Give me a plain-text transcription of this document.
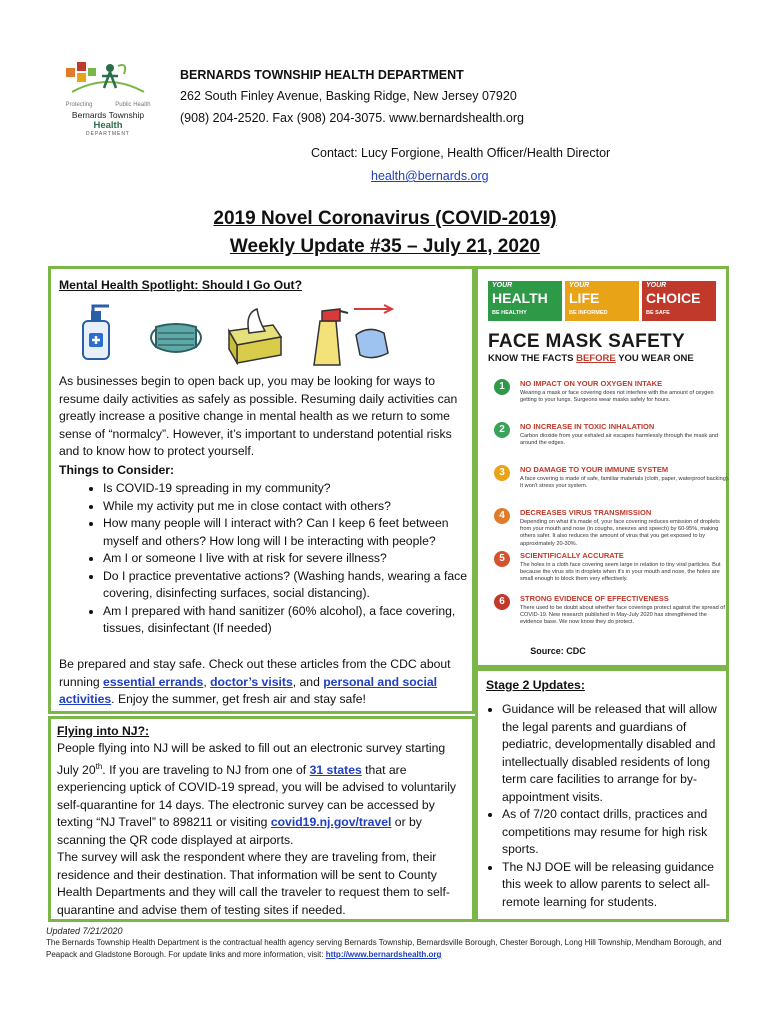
Protecting	Public Health
Bernards Township
Health
DEPARTMENT
BERNARDS TOWNSHIP HEALTH DEPARTMENT
262 South Finley Avenue, Basking Ridge, New Jersey 07920
(908) 204-2520. Fax (908) 204-3075. www.bernardshealth.org
Contact: Lucy Forgione, Health Officer/Health Director
health@bernards.org
2019 Novel Coronavirus (COVID-2019)
Weekly Update #35 – July 21, 2020
Mental Health Spotlight: Should I Go Out?
As businesses begin to open back up, you may be looking for ways to resume daily activities as safely as possible. Resuming daily activities can greatly increase a positive change in mental health as we return to some sense of “normalcy”. However, it’s important to understand potential risks and to know how to protect yourself.
Things to Consider:
• Is COVID-19 spreading in my community?
• While my activity put me in close contact with others?
• How many people will I interact with? Can I keep 6 feet between myself and others? How long will I be interacting with people?
• Am I or someone I live with at risk for severe illness?
• Do I practice preventative actions? (Washing hands, wearing a face covering, disinfecting surfaces, social distancing).
• Am I prepared with hand sanitizer (60% alcohol), a face covering, tissues, disinfectant (If needed)
Be prepared and stay safe. Check out these articles from the CDC about running essential errands, doctor’s visits, and personal and social activities. Enjoy the summer, get fresh air and stay safe!
Flying into NJ?:
People flying into NJ will be asked to fill out an electronic survey starting July 20th. If you are traveling to NJ from one of 31 states that are experiencing uptick of COVID-19 spread, you will be advised to voluntarily self-quarantine for 14 days. The electronic survey can be accessed by texting “NJ Travel” to 898211 or visiting covid19.nj.gov/travel or by scanning the QR code displayed at airports.
The survey will ask the respondent where they are traveling from, their residence and their destination. That information will be sent to County Health Departments and they will call the traveler to request them to self-quarantine and advise them of testing sites if needed.
YOUR
HEALTH
BE HEALTHY
YOUR
LIFE
BE INFORMED
YOUR
CHOICE
BE SAFE
FACE MASK SAFETY
KNOW THE FACTS BEFORE YOU WEAR ONE
1	NO IMPACT ON YOUR OXYGEN INTAKE
Wearing a mask or face covering does not interfere with the amount of oxygen getting to your lungs. Surgeons wear masks safely for hours.
2	NO INCREASE IN TOXIC INHALATION
Carbon dioxide from your exhaled air escapes harmlessly through the mask and around the edges.
3	NO DAMAGE TO YOUR IMMUNE SYSTEM
A face covering is made of safe, familiar materials (cloth, paper, waterproof backing). It won't stress your system.
4	DECREASES VIRUS TRANSMISSION
Depending on what it's made of, your face covering reduces emission of droplets from your mouth and nose (in coughs, sneezes and speech) by 60-95%, making others safer. It also reduces the amount of virus that you get exposed to by approximately 20-30%.
5	SCIENTIFICALLY ACCURATE
The holes in a cloth face covering seem large in relation to tiny viral particles. But because the virus sits in droplets when it's in your mouth and nose, the holes are small enough to block them very effectively.
6	STRONG EVIDENCE OF EFFECTIVENESS
There used to be doubt about whether face coverings protect against the spread of COVID-19. New research published in May-July 2020 has strengthened the evidence base. We now know they do protect.
Source: CDC
Stage 2 Updates:
• Guidance will be released that will allow the legal parents and guardians of pediatric, developmentally disabled and intellectually disabled residents of long term care facilities to arrange for by-appointment visits.
• As of 7/20 contact drills, practices and competitions may resume for high risk sports.
• The NJ DOE will be releasing guidance this week to allow parents to select all-remote learning for students.
Updated 7/21/2020
The Bernards Township Health Department is the contractual health agency serving Bernards Township, Bernardsville Borough, Chester Borough, Long Hill Township, Mendham Borough, and Peapack and Gladstone Borough. For update links and more information, visit: http://www.bernardshealth.org
